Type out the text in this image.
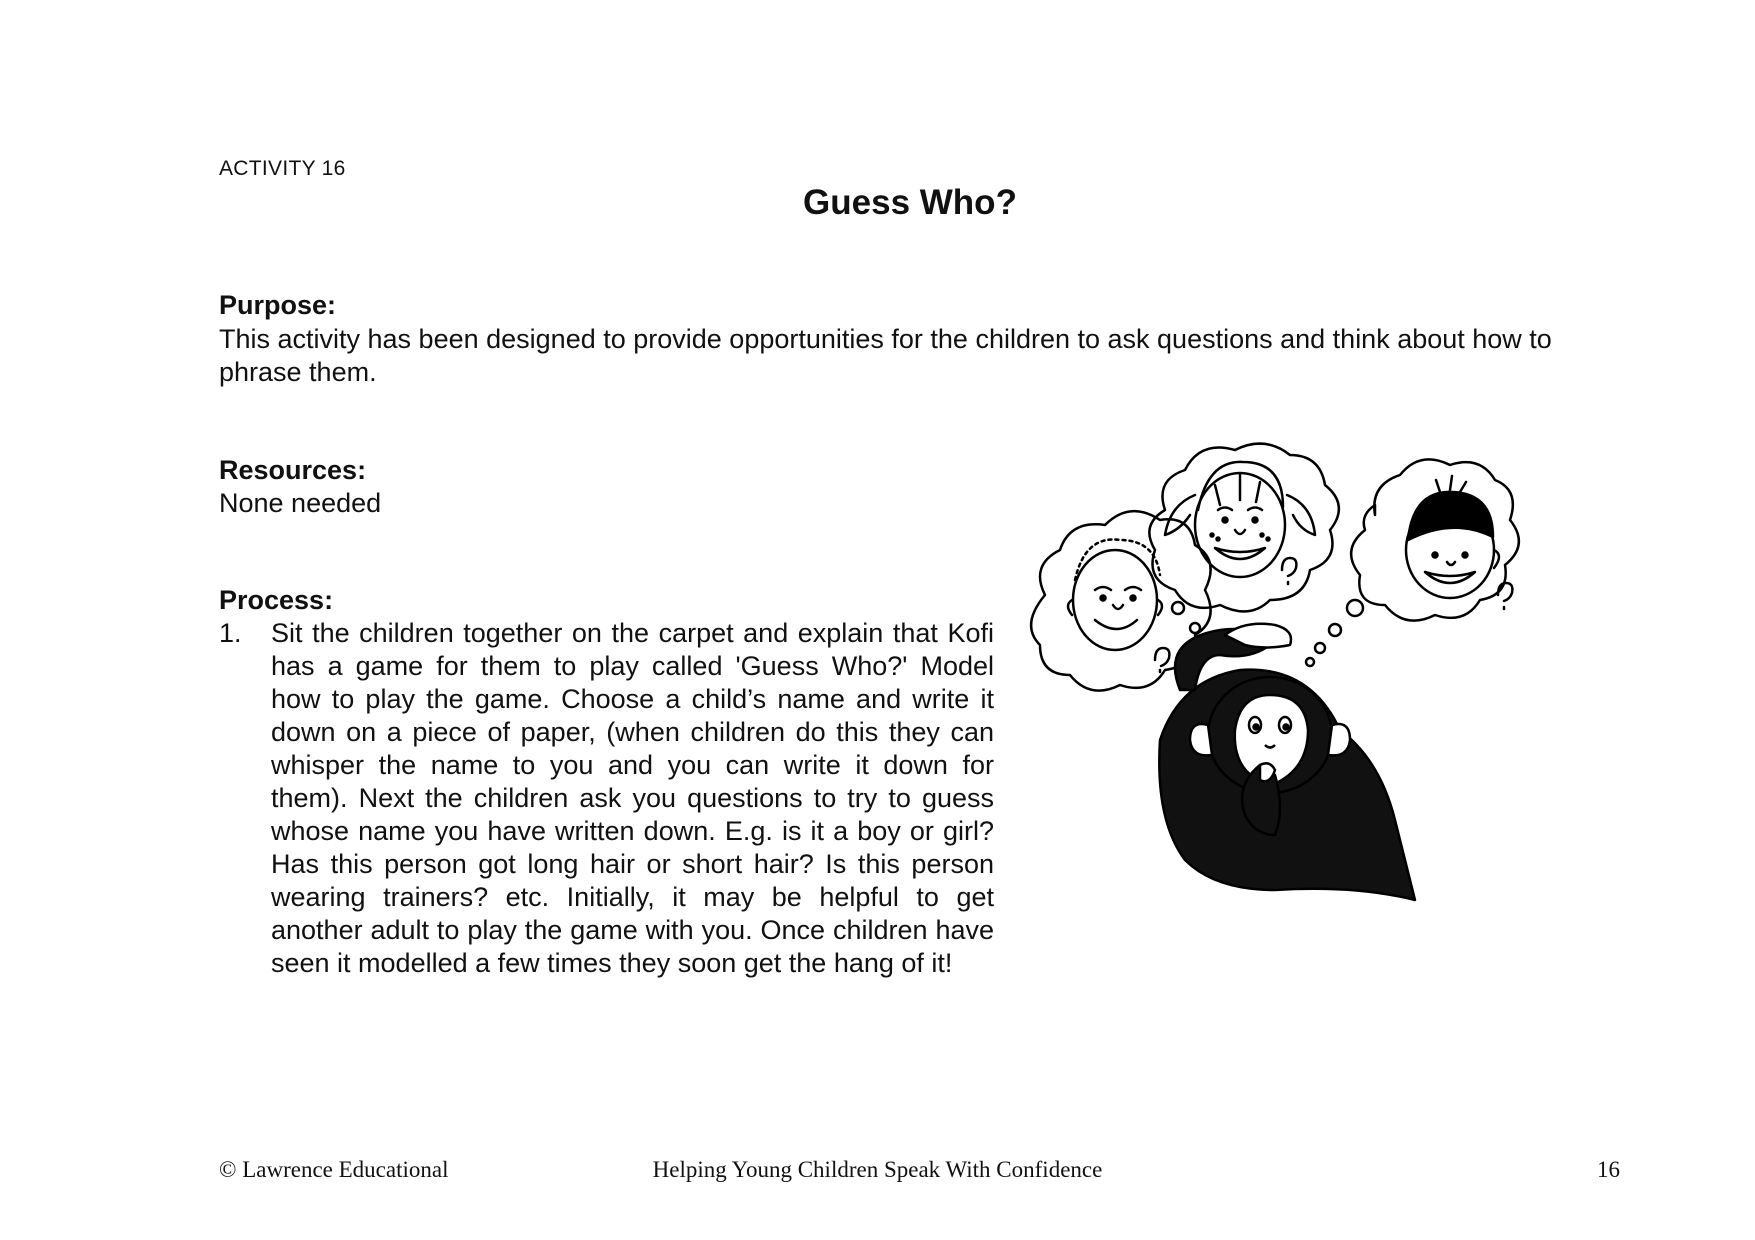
ACTIVITY 16
Guess Who?
Purpose:
This activity has been designed to provide opportunities for the children to ask questions and think about how to phrase them.
Resources:
None needed
Process:
1. Sit the children together on the carpet and explain that Kofi has a game for them to play called 'Guess Who?' Model how to play the game. Choose a child’s name and write it down on a piece of paper, (when children do this they can whisper the name to you and you can write it down for them). Next the children ask you questions to try to guess whose name you have written down. E.g. is it a boy or girl? Has this person got long hair or short hair? Is this person wearing trainers? etc. Initially, it may be helpful to get another adult to play the game with you. Once children have seen it modelled a few times they soon get the hang of it!
© Lawrence Educational	Helping Young Children Speak With Confidence	16
